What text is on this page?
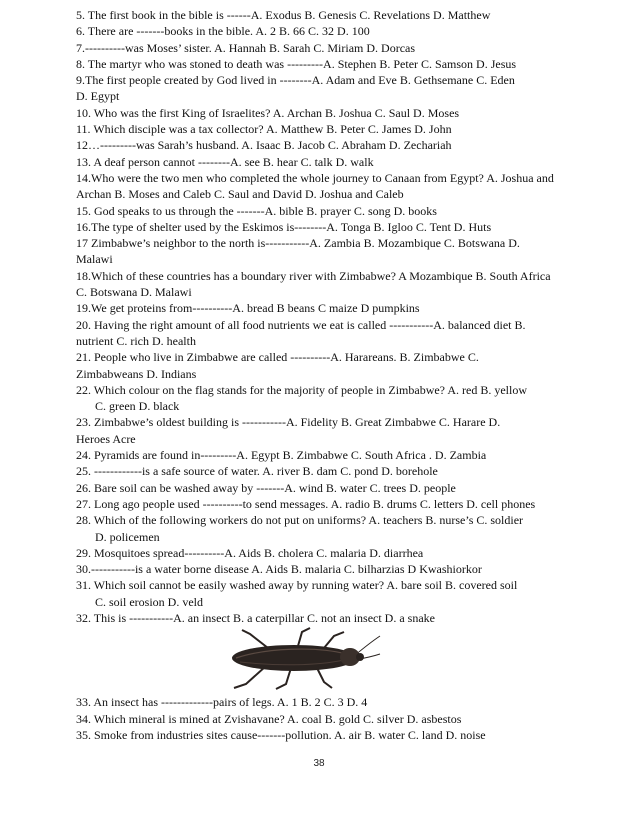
5. The first book in the bible is ------A. Exodus B. Genesis C. Revelations D. Matthew
6. There are -------books in the bible. A. 2 B. 66 C. 32 D. 100
7.----------was Moses’ sister. A. Hannah B. Sarah C. Miriam D. Dorcas
8. The martyr who was stoned to death was ---------A. Stephen B. Peter C. Samson D. Jesus
9.The first people created by God lived in --------A. Adam and Eve B. Gethsemane C. Eden
D. Egypt
10. Who was the first King of Israelites? A. Archan B. Joshua C. Saul D. Moses
11. Which disciple was a tax collector? A. Matthew B. Peter C. James D. John
12…---------was Sarah’s husband. A. Isaac B. Jacob C. Abraham D. Zechariah
13. A deaf person cannot --------A. see B. hear C. talk D. walk
14.Who were the two men who completed the whole journey to Canaan from Egypt? A. Joshua and
Archan B. Moses and Caleb C. Saul and David D. Joshua and Caleb
15. God speaks to us through the -------A. bible B. prayer C. song D. books
16.The type of shelter used by the Eskimos is--------A. Tonga B. Igloo C. Tent D. Huts
17 Zimbabwe’s neighbor to the north is-----------A. Zambia B. Mozambique C. Botswana D.
Malawi
18.Which of these countries has a boundary river with Zimbabwe? A Mozambique B. South Africa
C. Botswana D. Malawi
19.We get proteins from----------A. bread B beans C maize D pumpkins
20. Having the right amount of all food nutrients we eat is called -----------A. balanced diet B.
nutrient C. rich D. health
21. People who live in Zimbabwe are called ----------A. Harareans. B. Zimbabwe C.
Zimbabweans D. Indians
22. Which colour on the flag stands for the majority of people in Zimbabwe? A. red B. yellow
C. green D. black
23. Zimbabwe’s oldest building is -----------A. Fidelity B. Great Zimbabwe C. Harare D.
Heroes Acre
24. Pyramids are found in---------A. Egypt B. Zimbabwe C. South Africa . D. Zambia
25. ------------is a safe source of water. A. river B. dam C. pond D. borehole
26. Bare soil can be washed away by -------A. wind B. water C. trees D. people
27. Long ago people used ----------to send messages. A. radio B. drums C. letters D. cell phones
28. Which of the following workers do not put on uniforms? A. teachers B. nurse’s C. soldier
D. policemen
29. Mosquitoes spread----------A. Aids B. cholera C. malaria D. diarrhea
30.-----------is a water borne disease A. Aids B. malaria C. bilharzias D Kwashiorkor
31. Which soil cannot be easily washed away by running water? A. bare soil B. covered soil
C. soil erosion D. veld
32. This is -----------A. an insect B. a caterpillar C. not an insect D. a snake
33. An insect has -------------pairs of legs. A. 1 B. 2 C. 3 D. 4
34. Which mineral is mined at Zvishavane? A. coal B. gold C. silver D. asbestos
35. Smoke from industries sites cause-------pollution. A. air B. water C. land D. noise
38
